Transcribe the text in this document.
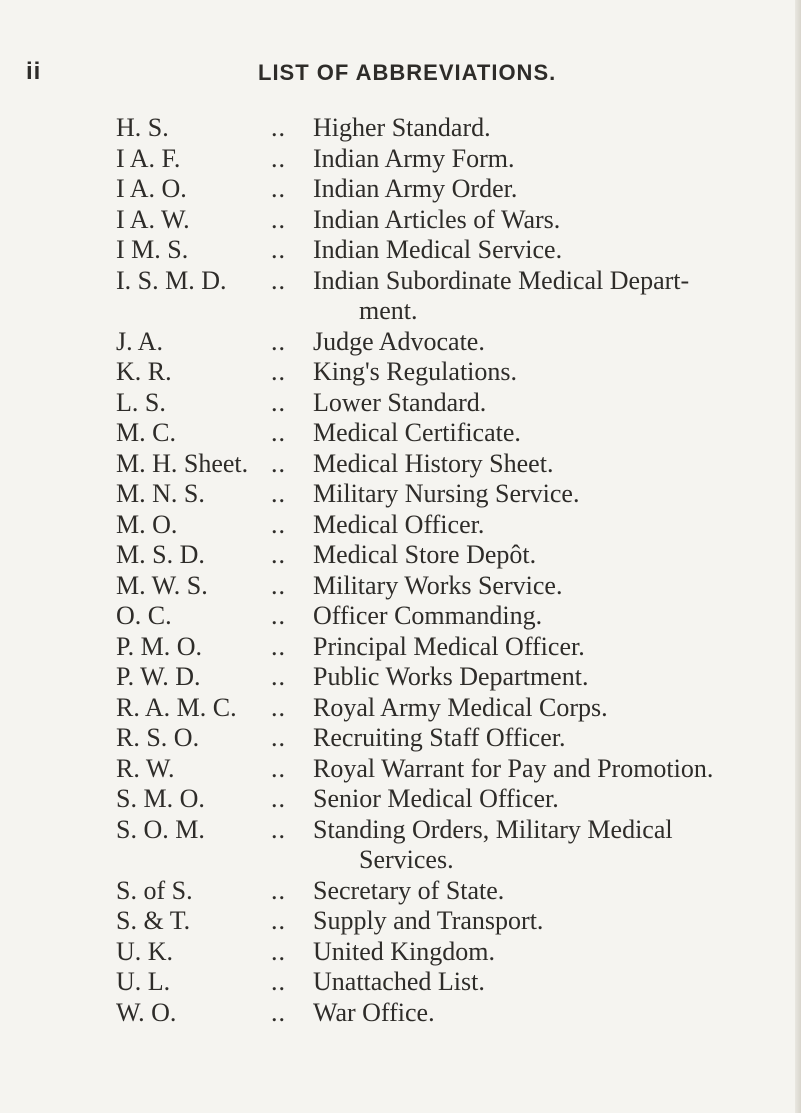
ii	LIST OF ABBREVIATIONS.
H. S.	..	Higher Standard.
I A. F.	..	Indian Army Form.
I A. O.	..	Indian Army Order.
I A. W.	..	Indian Articles of Wars.
I M. S.	..	Indian Medical Service.
I. S. M. D.	..	Indian Subordinate Medical Depart-
ment.
J. A.	..	Judge Advocate.
K. R.	..	King's Regulations.
L. S.	..	Lower Standard.
M. C.	..	Medical Certificate.
M. H. Sheet. ..	Medical History Sheet.
M. N. S.	..	Military Nursing Service.
M. O.	..	Medical Officer.
M. S. D.	..	Medical Store Depôt.
M. W. S.	..	Military Works Service.
O. C.	..	Officer Commanding.
P. M. O.	..	Principal Medical Officer.
P. W. D.	..	Public Works Department.
R. A. M. C.	..	Royal Army Medical Corps.
R. S. O.	..	Recruiting Staff Officer.
R. W.	..	Royal Warrant for Pay and Promotion.
S. M. O.	..	Senior Medical Officer.
S. O. M.	..	Standing Orders, Military Medical
Services.
S. of S.	..	Secretary of State.
S. & T.	..	Supply and Transport.
U. K.	..	United Kingdom.
U. L.	..	Unattached List.
W. O.	..	War Office.
